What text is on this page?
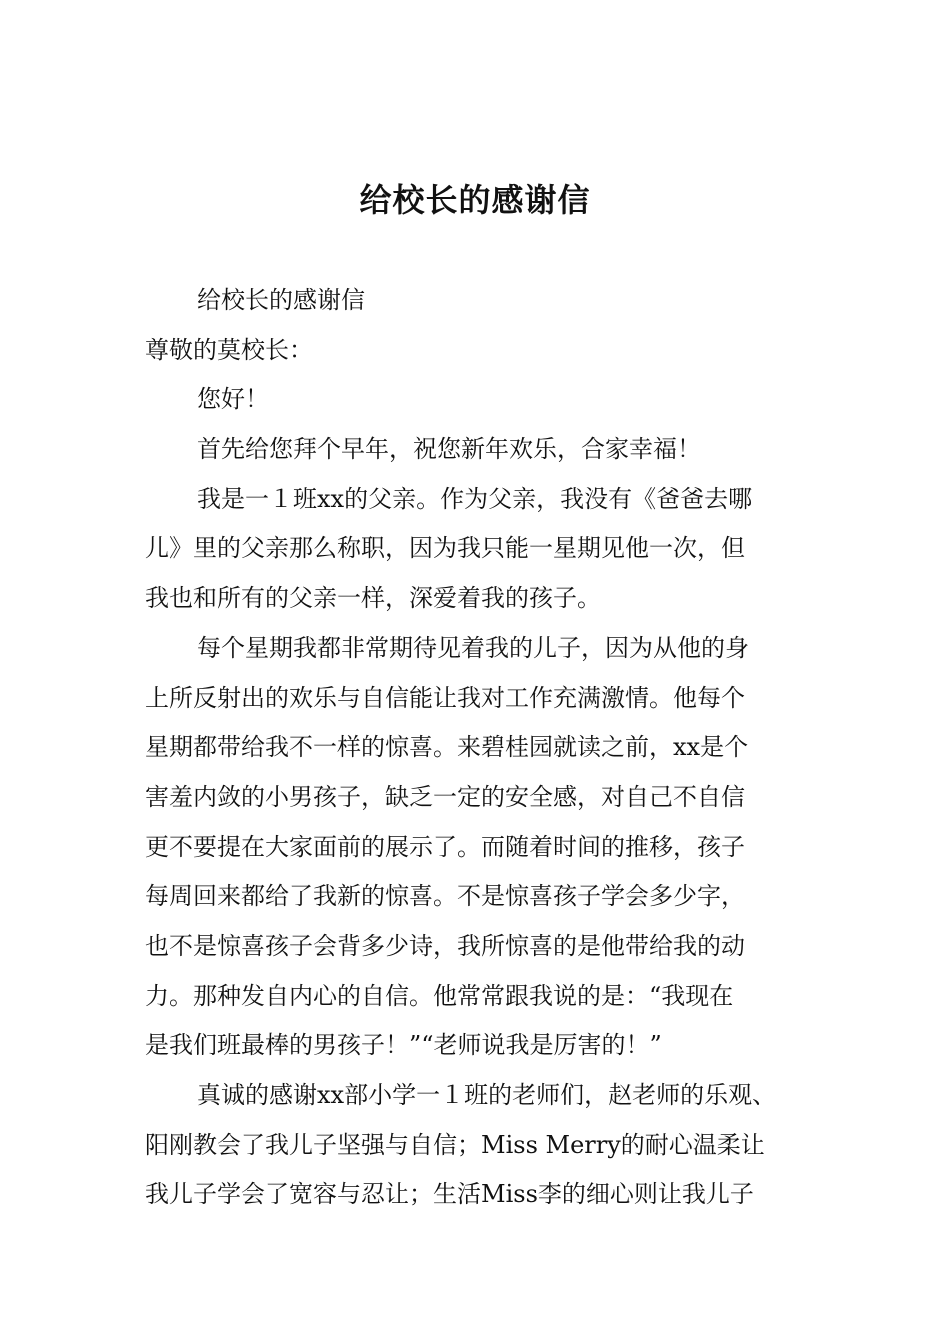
给校长的感谢信
给校长的感谢信
尊敬的莫校长：
您好！
首先给您拜个早年，祝您新年欢乐，合家幸福！
我是一１班xx的父亲。作为父亲，我没有《爸爸去哪
儿》里的父亲那么称职，因为我只能一星期见他一次，但
我也和所有的父亲一样，深爱着我的孩子。
每个星期我都非常期待见着我的儿子，因为从他的身
上所反射出的欢乐与自信能让我对工作充满激情。他每个
星期都带给我不一样的惊喜。来碧桂园就读之前，xx是个
害羞内敛的小男孩子，缺乏一定的安全感，对自己不自信
更不要提在大家面前的展示了。而随着时间的推移，孩子
每周回来都给了我新的惊喜。不是惊喜孩子学会多少字，
也不是惊喜孩子会背多少诗，我所惊喜的是他带给我的动
力。那种发自内心的自信。他常常跟我说的是：“我现在
是我们班最棒的男孩子！”“老师说我是厉害的！”
真诚的感谢xx部小学一１班的老师们，赵老师的乐观、
阳刚教会了我儿子坚强与自信；Miss Merry的耐心温柔让
我儿子学会了宽容与忍让；生活Miss李的细心则让我儿子
